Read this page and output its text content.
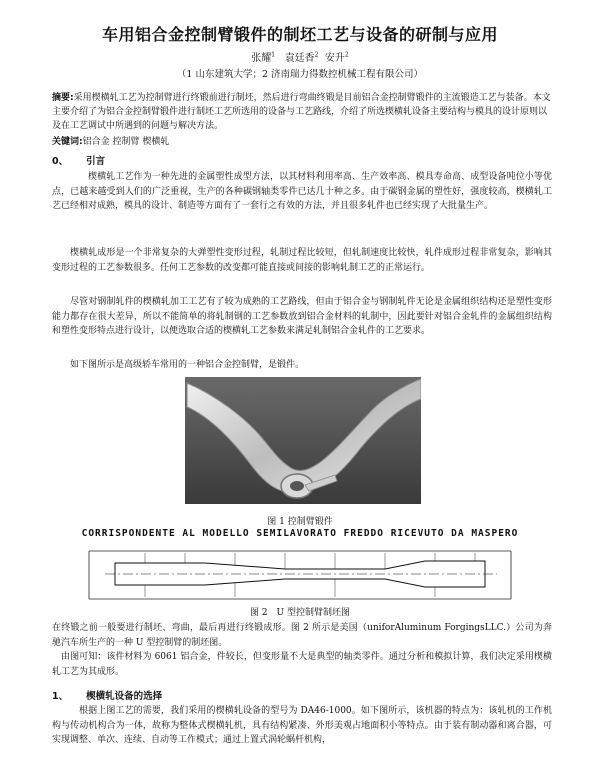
车用铝合金控制臂锻件的制坯工艺与设备的研制与应用
张耀$^1$ 袁廷香$^2$ 安升$^2$
（1 山东建筑大学；2 济南瑞力得数控机械工程有限公司）
摘要:采用楔横轧工艺为控制臂进行终锻前进行制坯，然后进行弯曲终锻是目前铝合金控制臂锻件的主流锻造工艺与装备。本文主要介绍了为铝合金控制臂锻件进行制坯工艺所选用的设备与工艺路线，介绍了所选楔横轧设备主要结构与模具的设计原则以及在工艺调试中所遇到的问题与解决方法。
关键词:铝合金 控制臂 楔横轧
0、 引言

楔横轧工艺作为一种先进的金属塑性成型方法，以其材料利用率高、生产效率高、模具寿命高、成型设备吨位小等优点，已越来越受到人们的广泛重视，生产的各种碳钢轴类零件已达几十种之多。由于碳钢金属的塑性好，强度较高，楔横轧工艺已经相对成熟，模具的设计、制造等方面有了一套行之有效的方法，并且很多轧件也已经实现了大批量生产。

楔横轧成形是一个非常复杂的大弹塑性变形过程，轧制过程比较短，但轧制速度比较快，轧件成形过程非常复杂，影响其变形过程的工艺参数很多。任何工艺参数的改变都可能直接或间接的影响轧制工艺的正常运行。

尽管对钢制轧件的楔横轧加工工艺有了较为成熟的工艺路线，但由于铝合金与钢制轧件无论是金属组织结构还是塑性变形能力都存在很大差异，所以不能简单的将轧制钢的工艺参数放到铝合金材料的轧制中，因此要针对铝合金轧件的金属组织结构和塑性变形特点进行设计，以便选取合适的楔横轧工艺参数来满足轧制铝合金轧件的工艺要求。

如下图所示是高级轿车常用的一种铝合金控制臂，是锻件。

图 1 控制臂锻件
CORRISPONDENTE AL MODELLO SEMILAVORATO FREDDO RICEVUTO DA MASPERO
图 2　U 型控制臂制坯图

在终锻之前一般要进行制坯、弯曲，最后再进行终锻成形。图 2 所示是美国（uniforAluminum ForgingsLLC.）公司为奔驰汽车所生产的一种 U 型控制臂的制坯图。

由图可知：该件材料为 6061 铝合金，件较长，但变形量不大是典型的轴类零件。通过分析和模拟计算，我们决定采用楔横轧工艺为其成形。

1、 楔横轧设备的选择

根据上图工艺的需要，我们采用的楔横轧设备的型号为 DA46-1000。如下图所示，该机器的特点为：该轧机的工作机构与传动机构合为一体，故称为整体式楔横轧机，具有结构紧凑、外形美观占地面积小等特点。由于装有制动器和离合器，可实现调整、单次、连续、自动等工作模式；通过上置式涡轮蜗杆机构，
